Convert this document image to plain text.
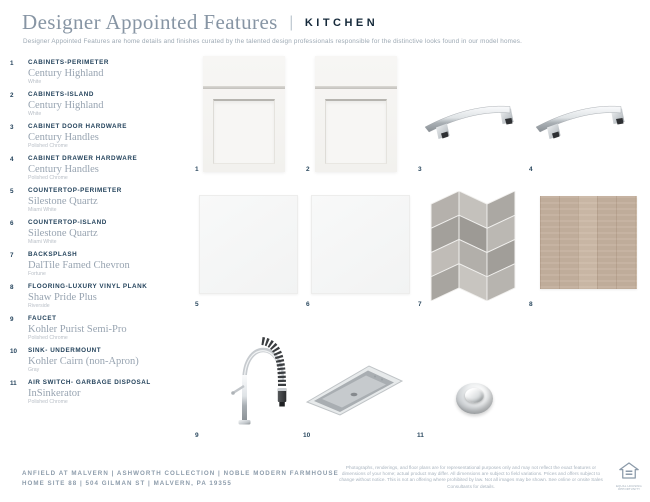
Designer Appointed Features | KITCHEN
Designer Appointed Features are home details and finishes curated by the talented design professionals responsible for the distinctive looks found in our model homes.
1	CABINETS-PERIMETER
Century Highland
White
2	CABINETS-ISLAND
Century Highland
White
3	CABINET DOOR HARDWARE
Century Handles
Polished Chrome
4	CABINET DRAWER HARDWARE
Century Handles
Polished Chrome
5	COUNTERTOP-PERIMETER
Silestone Quartz
Miami White
6	COUNTERTOP-ISLAND
Silestone Quartz
Miami White
7	BACKSPLASH
DalTile Famed Chevron
Fortune
8	FLOORING-LUXURY VINYL PLANK
Shaw Pride Plus
Riverside
9	FAUCET
Kohler Purist Semi-Pro
Polished Chrome
10	SINK- UNDERMOUNT
Kohler Cairn (non-Apron)
Gray
11	AIR SWITCH- GARBAGE DISPOSAL
InSinkerator
Polished Chrome
1	2	3	4
5	6	7	8
9	10	11
ANFIELD AT MALVERN | ASHWORTH COLLECTION | NOBLE MODERN FARMHOUSE
HOME SITE 88 | 504 GILMAN ST | MALVERN, PA 19355
Photographs, renderings, and floor plans are for representational purposes only and may not reflect the exact features or dimensions of your home; actual product may differ. All dimensions are subject to field variations. Prices and offers subject to change without notice. This is not an offering where prohibited by law. Not all images may be shown. See online or onsite Sales Consultants for details.	EQUAL HOUSING OPPORTUNITY
